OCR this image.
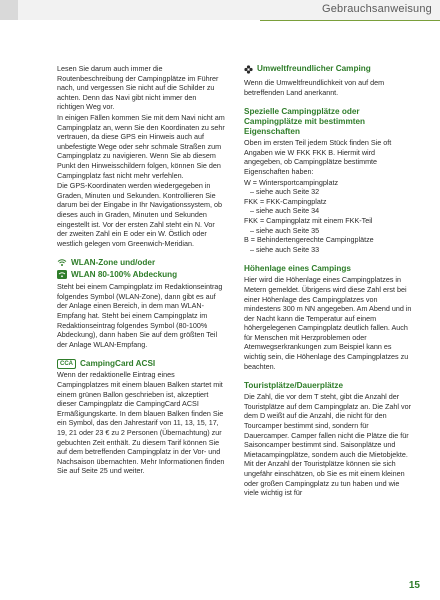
Gebrauchsanweisung

Lesen Sie darum auch immer die Routenbeschreibung der Campingplätze im Führer nach, und vergessen Sie nicht auf die Schilder zu achten. Denn das Navi gibt nicht immer den richtigen Weg vor.

In einigen Fällen kommen Sie mit dem Navi nicht am Campingplatz an, wenn Sie den Koordinaten zu sehr vertrauen, da diese GPS ein Hinweis auch auf unbefestigte Wege oder sehr schmale Straßen zum Campingplatz zu navigieren. Wenn Sie ab diesem Punkt den Hinweisschildern folgen, können Sie den Campingplatz fast nicht mehr verfehlen.

Die GPS-Koordinaten werden wiedergegeben in Graden, Minuten und Sekunden. Kontrollieren Sie darum bei der Eingabe in Ihr Navigationssystem, ob dieses auch in Graden, Minuten und Sekunden eingestellt ist. Vor der ersten Zahl steht ein N. Vor der zweiten Zahl ein E oder ein W. Östlich oder westlich gelegen vom Greenwich-Meridian.

WLAN-Zone und/oder
WLAN 80-100% Abdeckung

Steht bei einem Campingplatz im Redaktionseintrag folgendes Symbol (WLAN-Zone), dann gibt es auf der Anlage einen Bereich, in dem man WLAN-Empfang hat. Steht bei einem Campingplatz im Redaktionseintrag folgendes Symbol (80-100% Abdeckung), dann haben Sie auf dem größten Teil der Anlage WLAN-Empfang.

CCA CampingCard ACSI

Wenn der redaktionelle Eintrag eines Campingplatzes mit einem blauen Balken startet mit einem grünen Ballon geschrieben ist, akzeptiert dieser Campingplatz die CampingCard ACSI Ermäßigungskarte. In dem blauen Balken finden Sie ein Symbol, das den Jahrestarif von 11, 13, 15, 17, 19, 21 oder 23 € zu 2 Personen (Übernachtung) zur gebuchten Zeit enthält. Zu diesem Tarif können Sie auf dem betreffenden Campingplatz in der Vor- und Nachsaison übernachten. Mehr Informationen finden Sie auf Seite 25 und weiter.

Umweltfreundlicher Camping

Wenn die Umweltfreundlichkeit von auf dem betreffenden Land anerkannt.

Spezielle Campingplätze oder Campingplätze mit bestimmten Eigenschaften

Oben im ersten Teil jedem Stück finden Sie oft Angaben wie W FKK FKK B. Hiermit wird angegeben, ob Campingplätze bestimmte Eigenschaften haben:

W = Wintersportcampingplatz
– siehe auch Seite 32
FKK = FKK-Campingplatz
– siehe auch Seite 34
FKK = Campingplatz mit einem FKK-Teil
– siehe auch Seite 35
B = Behindertengerechte Campingplätze
– siehe auch Seite 33
Höhenlage eines Campings

Hier wird die Höhenlage eines Campingplatzes in Metern gemeldet. Übrigens wird diese Zahl erst bei einer Höhenlage des Campingplatzes von mindestens 300 m NN angegeben. Am Abend und in der Nacht kann die Temperatur auf einem höhergelegenen Campingplatz deutlich fallen. Auch für Menschen mit Herzproblemen oder Atemwegserkrankungen zum Beispiel kann es wichtig sein, die Höhenlage des Campingplatzes zu beachten.

Touristplätze/Dauerplätze

Die Zahl, die vor dem T steht, gibt die Anzahl der Touristplätze auf dem Campingplatz an. Die Zahl vor dem D weißt auf die Anzahl, die nicht für den Tourcamper bestimmt sind, sondern für Dauercamper. Camper fallen nicht die Plätze die für Saisoncamper bestimmt sind. Saisonplätze und Mietacampingplätze, sondern auch die Mietobjekte. Mit der Anzahl der Touristplätze können sie sich ungefähr einschätzen, ob Sie es mit einem kleinen oder großen Campingplatz zu tun haben und wie viele wichtig ist für

15
